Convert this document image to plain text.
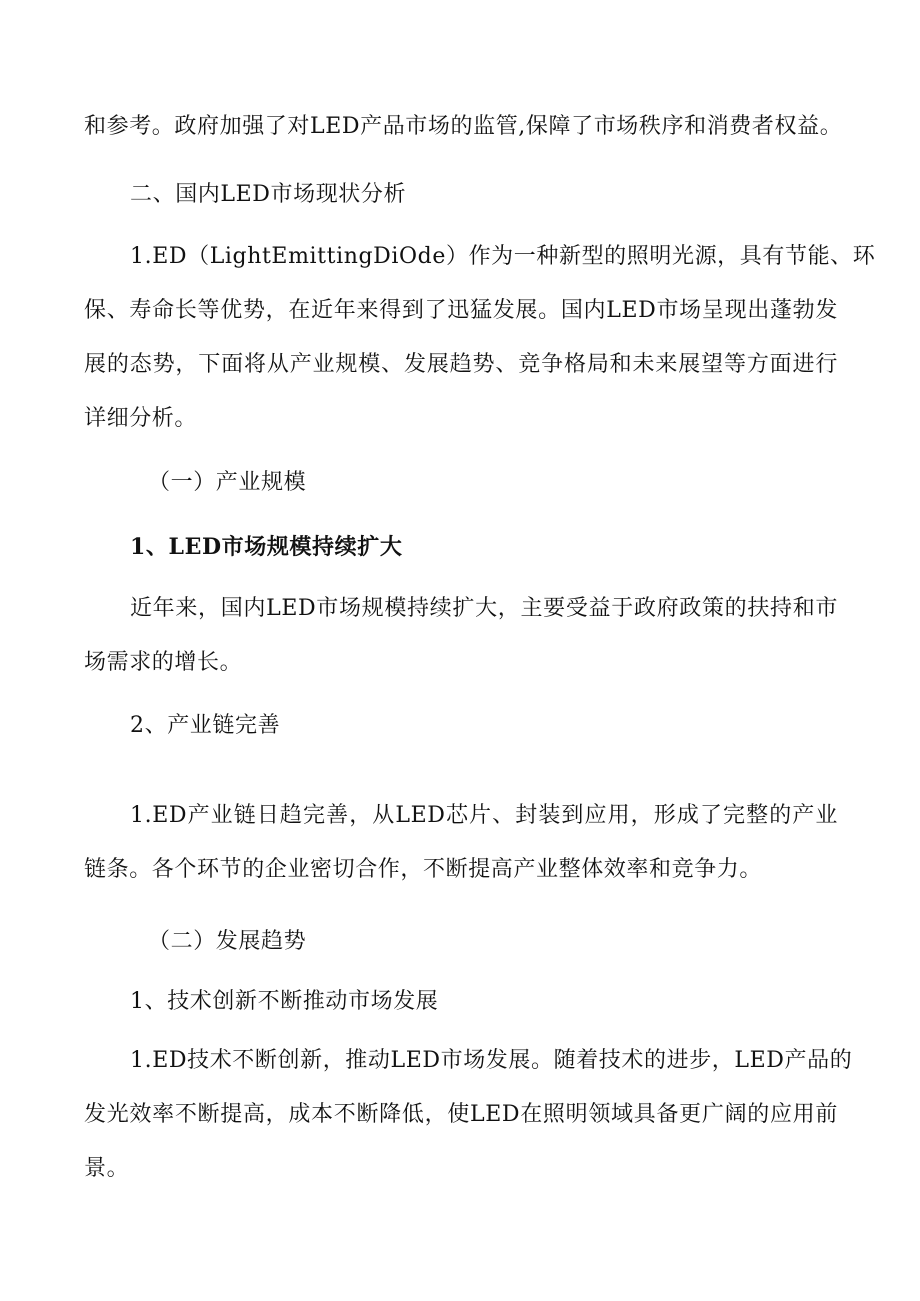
和参考。政府加强了对LED产品市场的监管,保障了市场秩序和消费者权益。
二、国内LED市场现状分析
1.ED（LightEmittingDiOde）作为一种新型的照明光源，具有节能、环
保、寿命长等优势，在近年来得到了迅猛发展。国内LED市场呈现出蓬勃发
展的态势，下面将从产业规模、发展趋势、竞争格局和未来展望等方面进行
详细分析。
（一）产业规模
1、LED市场规模持续扩大
近年来，国内LED市场规模持续扩大，主要受益于政府政策的扶持和市
场需求的增长。
2、产业链完善
1.ED产业链日趋完善，从LED芯片、封装到应用，形成了完整的产业
链条。各个环节的企业密切合作，不断提高产业整体效率和竞争力。
（二）发展趋势
1、技术创新不断推动市场发展
1.ED技术不断创新，推动LED市场发展。随着技术的进步，LED产品的
发光效率不断提高，成本不断降低，使LED在照明领域具备更广阔的应用前
景。
